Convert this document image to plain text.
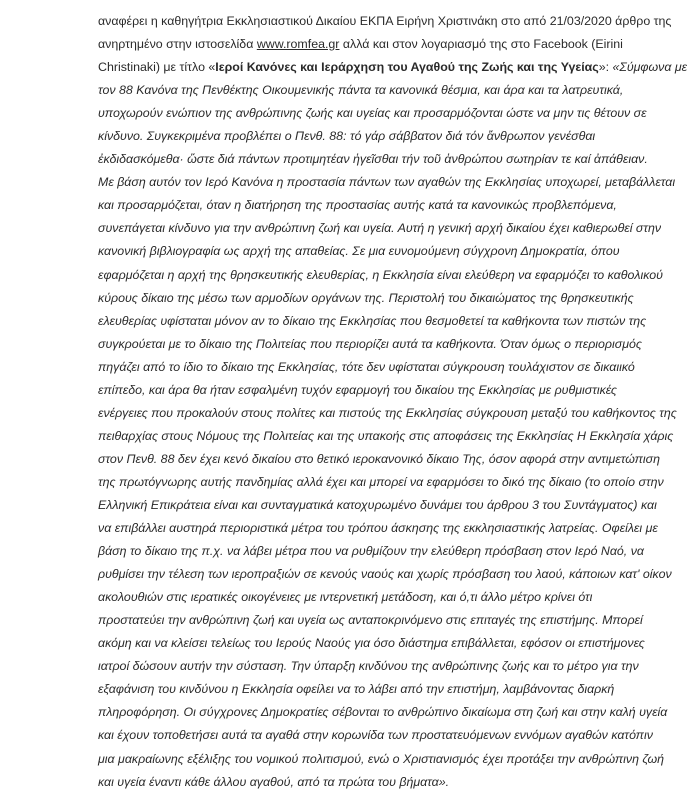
αναφέρει η καθηγήτρια Εκκλησιαστικού Δικαίου ΕΚΠΑ Ειρήνη Χριστινάκη στο από 21/03/2020 άρθρο της
ανηρτημένο στην ιστοσελίδα www.romfea.gr αλλά και στον λογαριασμό της στο Facebook (Eirini
Christinaki) με τίτλο «Ιεροί Κανόνες και Ιεράρχηση του Αγαθού της Ζωής και της Υγείας»: «Σύμφωνα με
τον 88 Κανόνα της Πενθέκτης Οικουμενικής πάντα τα κανονικά θέσμια, και άρα και τα λατρευτικά,
υποχωρούν ενώπιον της ανθρώπινης ζωής και υγείας και προσαρμόζονται ώστε να μην τις θέτουν σε
κίνδυνο. Συγκεκριμένα προβλέπει ο Πενθ. 88: τό γάρ σάββατον διά τόν ἄνθρωπον γενέσθαι
ἐκδιδασκόμεθα· ὥστε διά πάντων προτιμητέαν ἡγεῖσθαι τήν τοῦ ἀνθρώπου σωτηρίαν τε καί ἀπάθειαν.
Με βάση αυτόν τον Ιερό Κανόνα η προστασία πάντων των αγαθών της Εκκλησίας υποχωρεί, μεταβάλλεται
και προσαρμόζεται, όταν η διατήρηση της προστασίας αυτής κατά τα κανονικώς προβλεπόμενα,
συνεπάγεται κίνδυνο για την ανθρώπινη ζωή και υγεία. Αυτή η γενική αρχή δικαίου έχει καθιερωθεί στην
κανονική βιβλιογραφία ως αρχή της απαθείας. Σε μια ευνομούμενη σύγχρονη Δημοκρατία, όπου
εφαρμόζεται η αρχή της θρησκευτικής ελευθερίας, η Εκκλησία είναι ελεύθερη να εφαρμόζει το καθολικού
κύρους δίκαιο της μέσω των αρμοδίων οργάνων της. Περιστολή του δικαιώματος της θρησκευτικής
ελευθερίας υφίσταται μόνον αν το δίκαιο της Εκκλησίας που θεσμοθετεί τα καθήκοντα των πιστών της
συγκρούεται με το δίκαιο της Πολιτείας που περιορίζει αυτά τα καθήκοντα. Όταν όμως ο περιορισμός
πηγάζει από το ίδιο το δίκαιο της Εκκλησίας, τότε δεν υφίσταται σύγκρουση τουλάχιστον σε δικαιικό
επίπεδο, και άρα θα ήταν εσφαλμένη τυχόν εφαρμογή του δικαίου της Εκκλησίας με ρυθμιστικές
ενέργειες που προκαλούν στους πολίτες και πιστούς της Εκκλησίας σύγκρουση μεταξύ του καθήκοντος της
πειθαρχίας στους Νόμους της Πολιτείας και της υπακοής στις αποφάσεις της Εκκλησίας Η Εκκλησία χάρις
στον Πενθ. 88 δεν έχει κενό δικαίου στο θετικό ιεροκανονικό δίκαιο Της, όσον αφορά στην αντιμετώπιση
της πρωτόγνωρης αυτής πανδημίας αλλά έχει και μπορεί να εφαρμόσει το δικό της δίκαιο (το οποίο στην
Ελληνική Επικράτεια είναι και συνταγματικά κατοχυρωμένο δυνάμει του άρθρου 3 του Συντάγματος) και
να επιβάλλει αυστηρά περιοριστικά μέτρα του τρόπου άσκησης της εκκλησιαστικής λατρείας. Οφείλει με
βάση το δίκαιο της π.χ. να λάβει μέτρα που να ρυθμίζουν την ελεύθερη πρόσβαση στον Ιερό Ναό, να
ρυθμίσει την τέλεση των ιεροπραξιών σε κενούς ναούς και χωρίς πρόσβαση του λαού, κάποιων κατ' οίκον
ακολουθιών στις ιερατικές οικογένειες με ιντερνετική μετάδοση, και ό,τι άλλο μέτρο κρίνει ότι
προστατεύει την ανθρώπινη ζωή και υγεία ως ανταποκρινόμενο στις επιταγές της επιστήμης. Μπορεί
ακόμη και να κλείσει τελείως του Ιερούς Ναούς για όσο διάστημα επιβάλλεται, εφόσον οι επιστήμονες
ιατροί δώσουν αυτήν την σύσταση. Την ύπαρξη κινδύνου της ανθρώπινης ζωής και το μέτρο για την
εξαφάνιση του κινδύνου η Εκκλησία οφείλει να το λάβει από την επιστήμη, λαμβάνοντας διαρκή
πληροφόρηση. Οι σύγχρονες Δημοκρατίες σέβονται το ανθρώπινο δικαίωμα στη ζωή και στην καλή υγεία
και έχουν τοποθετήσει αυτά τα αγαθά στην κορωνίδα των προστατευόμενων εννόμων αγαθών κατόπιν
μια μακραίωνης εξέλιξης του νομικού πολιτισμού, ενώ ο Χριστιανισμός έχει προτάξει την ανθρώπινη ζωή
και υγεία έναντι κάθε άλλου αγαθού, από τα πρώτα του βήματα».
